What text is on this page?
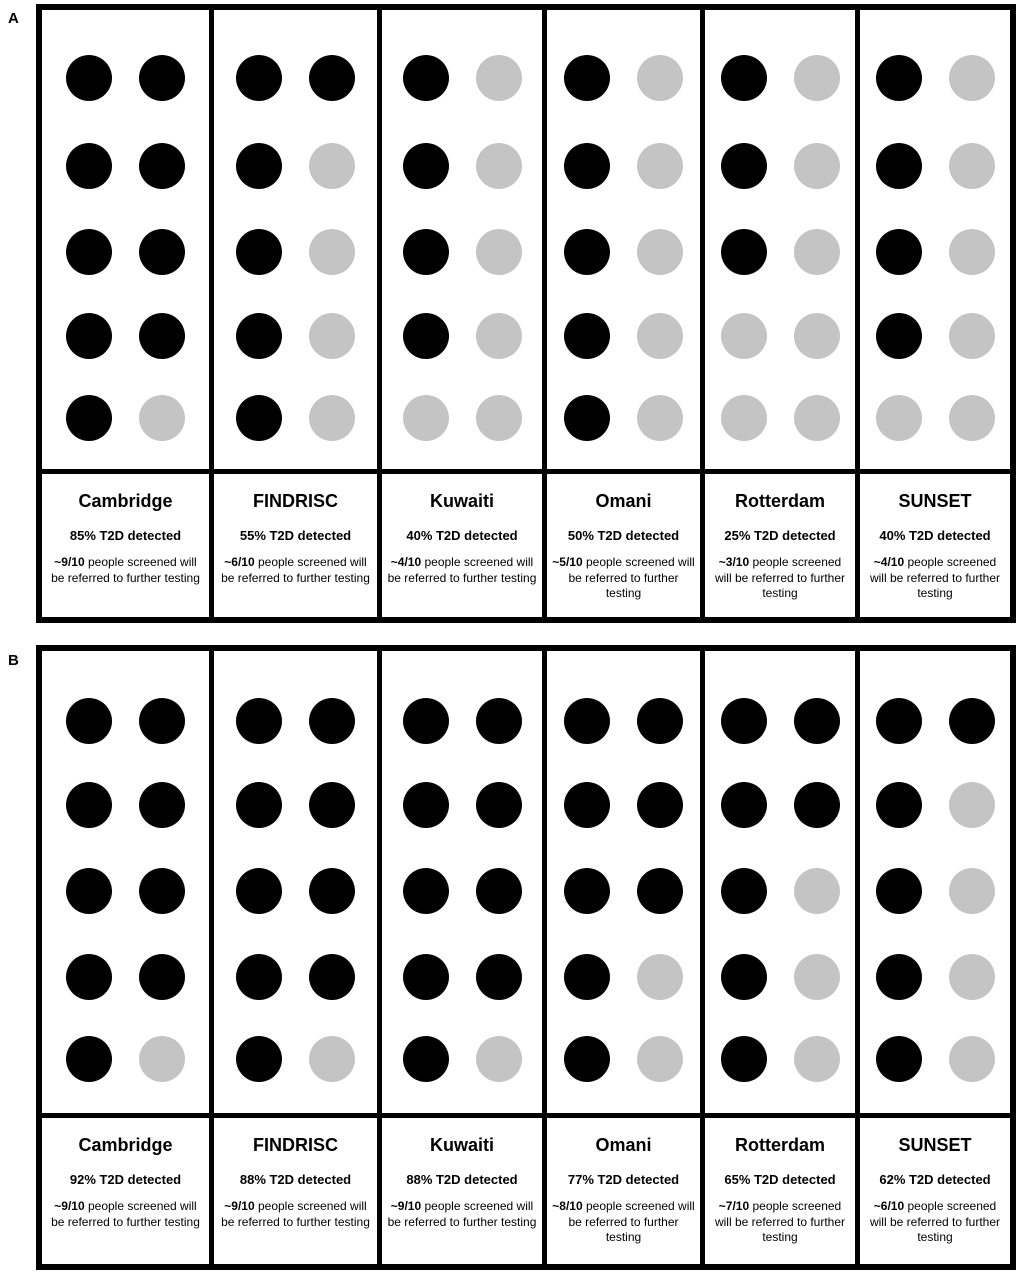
A
Cambridge
85% T2D detected
~9/10 people screened will be referred to further testing
FINDRISC
55% T2D detected
~6/10 people screened will be referred to further testing
Kuwaiti
40% T2D detected
~4/10 people screened will be referred to further testing
Omani
50% T2D detected
~5/10 people screened will be referred to further testing
Rotterdam
25% T2D detected
~3/10 people screened will be referred to further testing
SUNSET
40% T2D detected
~4/10 people screened will be referred to further testing
B
Cambridge
92% T2D detected
~9/10 people screened will be referred to further testing
FINDRISC
88% T2D detected
~9/10 people screened will be referred to further testing
Kuwaiti
88% T2D detected
~9/10 people screened will be referred to further testing
Omani
77% T2D detected
~8/10 people screened will be referred to further testing
Rotterdam
65% T2D detected
~7/10 people screened will be referred to further testing
SUNSET
62% T2D detected
~6/10 people screened will be referred to further testing
